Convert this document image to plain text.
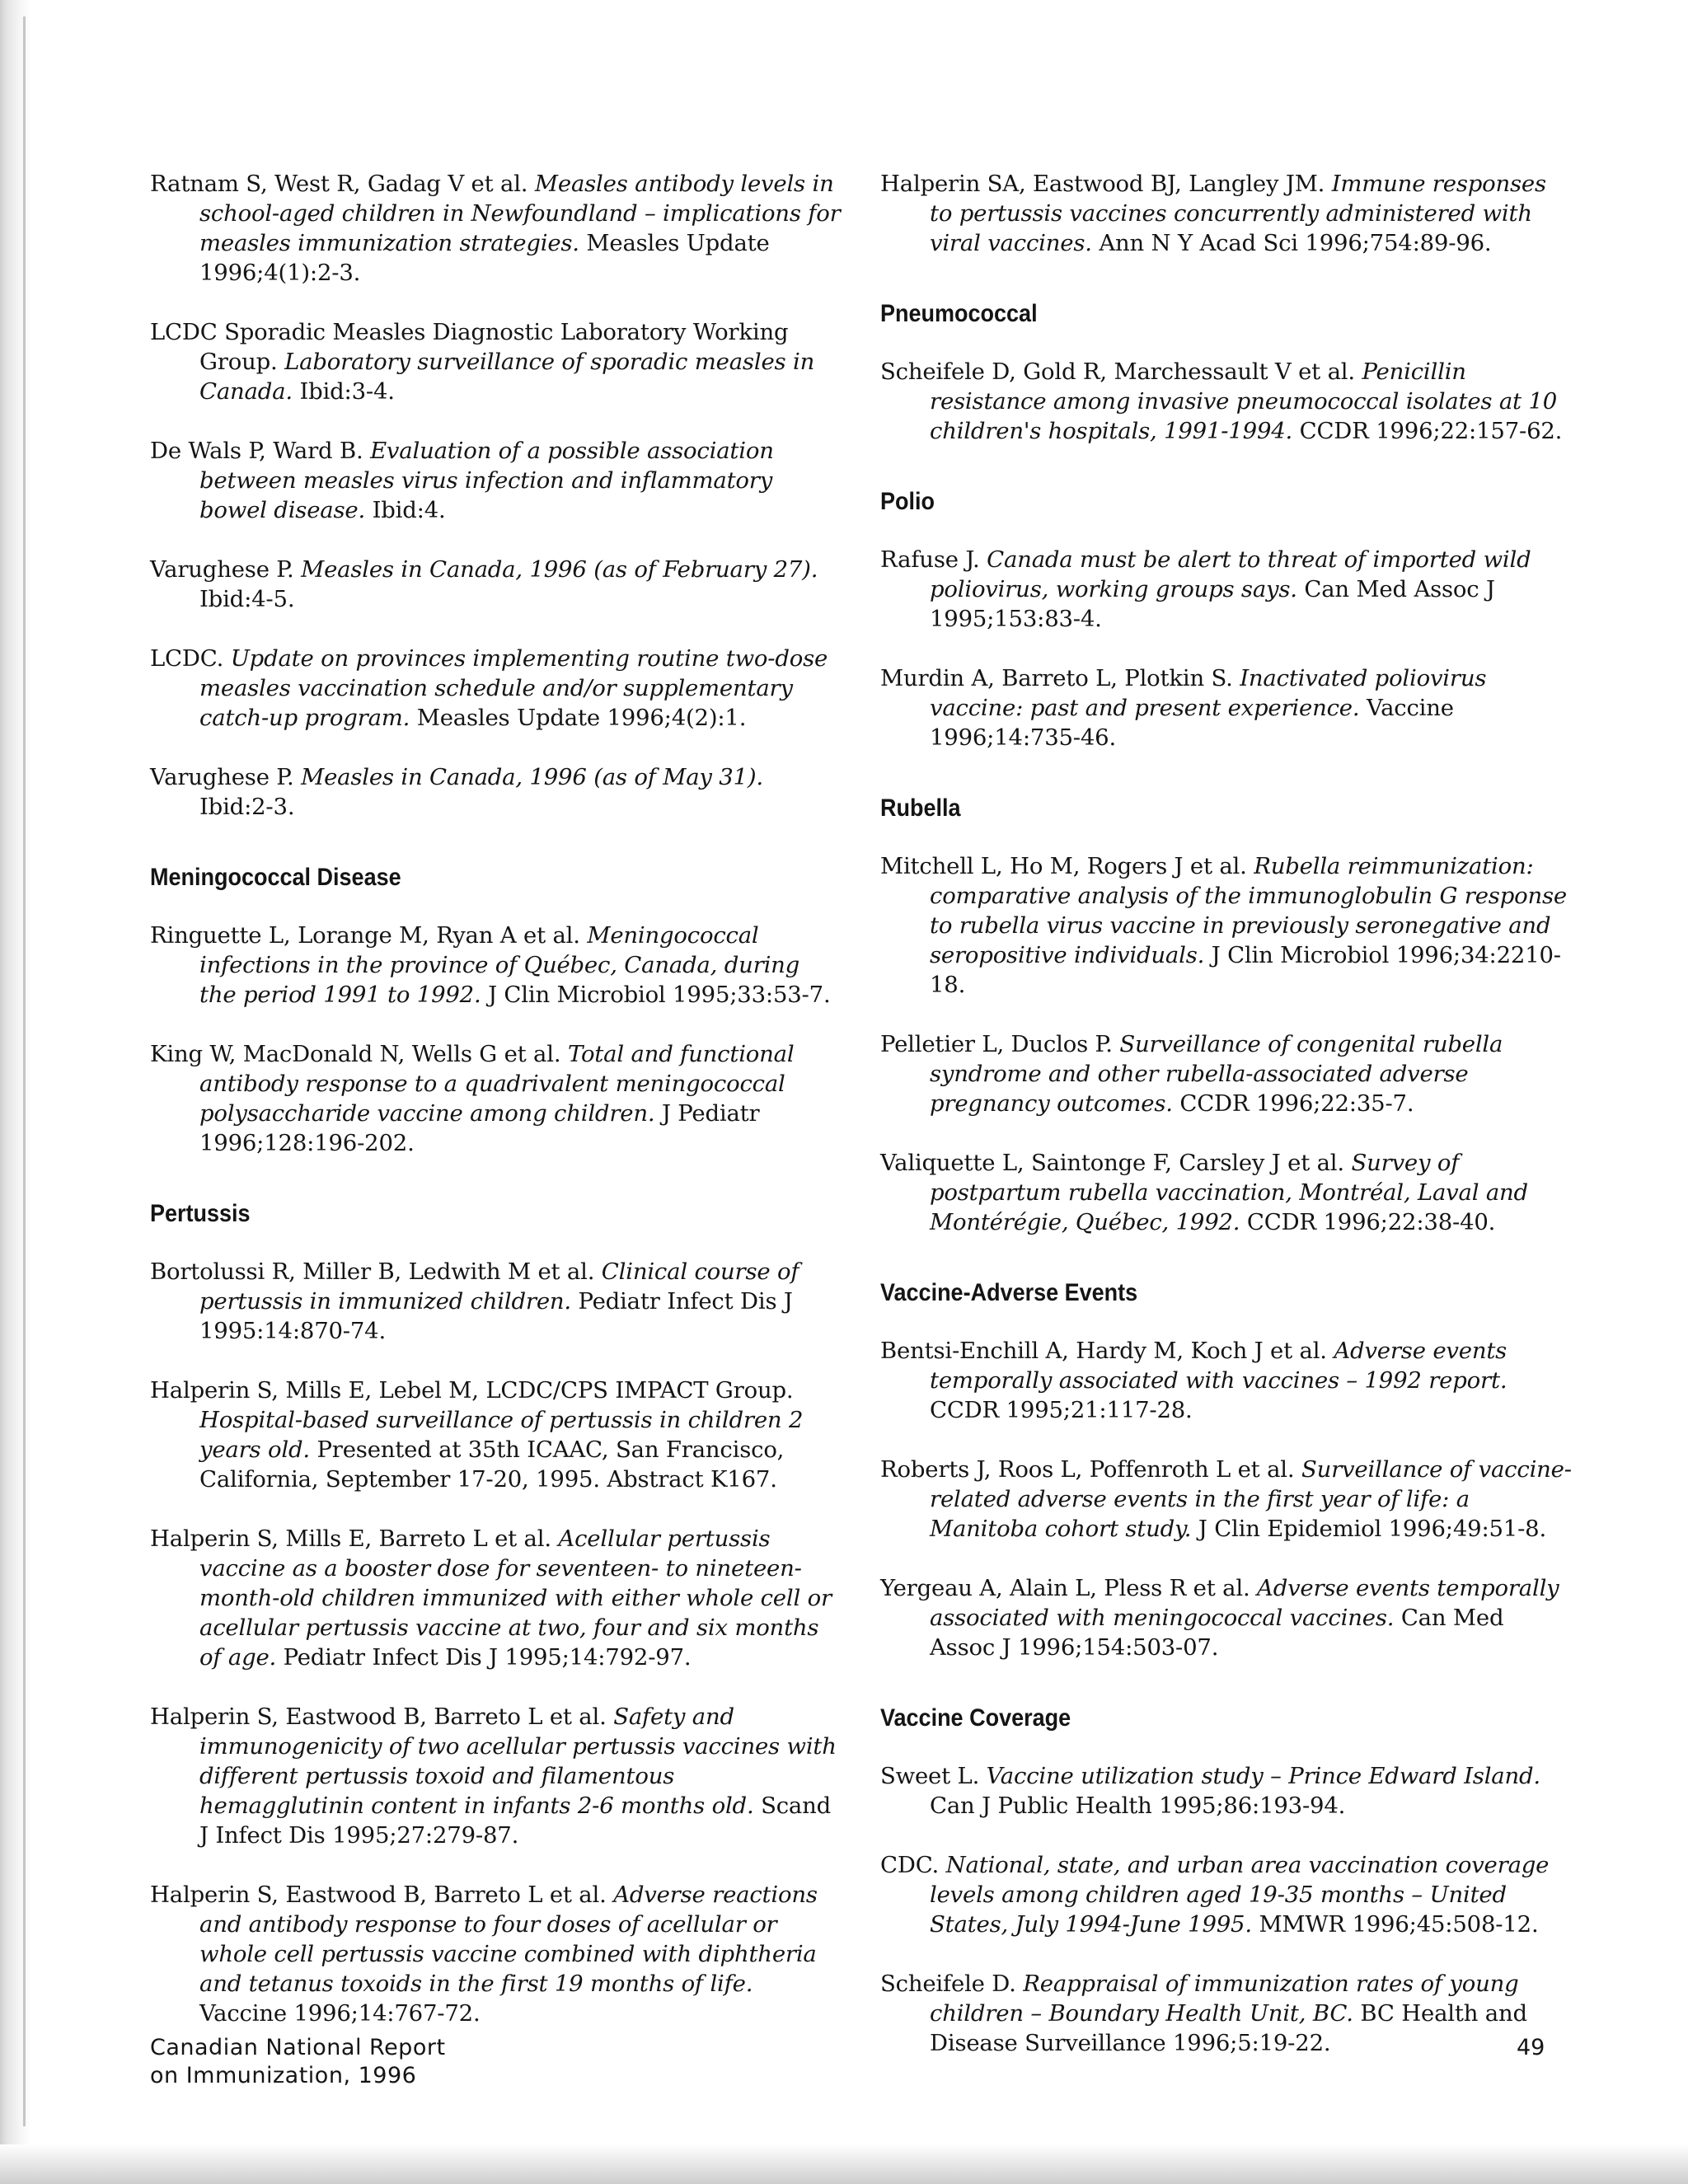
Ratnam S, West R, Gadag V et al. Measles antibody levels in school-aged children in Newfoundland – implications for measles immunization strategies. Measles Update 1996;4(1):2-3.

LCDC Sporadic Measles Diagnostic Laboratory Working Group. Laboratory surveillance of sporadic measles in Canada. Ibid:3-4.

De Wals P, Ward B. Evaluation of a possible association between measles virus infection and inflammatory bowel disease. Ibid:4.

Varughese P. Measles in Canada, 1996 (as of February 27). Ibid:4-5.

LCDC. Update on provinces implementing routine two-dose measles vaccination schedule and/or supplementary catch-up program. Measles Update 1996;4(2):1.

Varughese P. Measles in Canada, 1996 (as of May 31). Ibid:2-3.

Meningococcal Disease

Ringuette L, Lorange M, Ryan A et al. Meningococcal infections in the province of Québec, Canada, during the period 1991 to 1992. J Clin Microbiol 1995;33:53-7.

King W, MacDonald N, Wells G et al. Total and functional antibody response to a quadrivalent meningococcal polysaccharide vaccine among children. J Pediatr 1996;128:196-202.

Pertussis

Bortolussi R, Miller B, Ledwith M et al. Clinical course of pertussis in immunized children. Pediatr Infect Dis J 1995:14:870-74.

Halperin S, Mills E, Lebel M, LCDC/CPS IMPACT Group. Hospital-based surveillance of pertussis in children 2 years old. Presented at 35th ICAAC, San Francisco, California, September 17-20, 1995. Abstract K167.

Halperin S, Mills E, Barreto L et al. Acellular pertussis vaccine as a booster dose for seventeen- to nineteen-month-old children immunized with either whole cell or acellular pertussis vaccine at two, four and six months of age. Pediatr Infect Dis J 1995;14:792-97.

Halperin S, Eastwood B, Barreto L et al. Safety and immunogenicity of two acellular pertussis vaccines with different pertussis toxoid and filamentous hemagglutinin content in infants 2-6 months old. Scand J Infect Dis 1995;27:279-87.

Halperin S, Eastwood B, Barreto L et al. Adverse reactions and antibody response to four doses of acellular or whole cell pertussis vaccine combined with diphtheria and tetanus toxoids in the first 19 months of life. Vaccine 1996;14:767-72.

Halperin SA, Eastwood BJ, Langley JM. Immune responses to pertussis vaccines concurrently administered with viral vaccines. Ann N Y Acad Sci 1996;754:89-96.

Pneumococcal

Scheifele D, Gold R, Marchessault V et al. Penicillin resistance among invasive pneumococcal isolates at 10 children's hospitals, 1991-1994. CCDR 1996;22:157-62.

Polio

Rafuse J. Canada must be alert to threat of imported wild poliovirus, working groups says. Can Med Assoc J 1995;153:83-4.

Murdin A, Barreto L, Plotkin S. Inactivated poliovirus vaccine: past and present experience. Vaccine 1996;14:735-46.

Rubella

Mitchell L, Ho M, Rogers J et al. Rubella reimmunization: comparative analysis of the immunoglobulin G response to rubella virus vaccine in previously seronegative and seropositive individuals. J Clin Microbiol 1996;34:2210-18.

Pelletier L, Duclos P. Surveillance of congenital rubella syndrome and other rubella-associated adverse pregnancy outcomes. CCDR 1996;22:35-7.

Valiquette L, Saintonge F, Carsley J et al. Survey of postpartum rubella vaccination, Montréal, Laval and Montérégie, Québec, 1992. CCDR 1996;22:38-40.

Vaccine-Adverse Events

Bentsi-Enchill A, Hardy M, Koch J et al. Adverse events temporally associated with vaccines – 1992 report. CCDR 1995;21:117-28.

Roberts J, Roos L, Poffenroth L et al. Surveillance of vaccine-related adverse events in the first year of life: a Manitoba cohort study. J Clin Epidemiol 1996;49:51-8.

Yergeau A, Alain L, Pless R et al. Adverse events temporally associated with meningococcal vaccines. Can Med Assoc J 1996;154:503-07.

Vaccine Coverage

Sweet L. Vaccine utilization study – Prince Edward Island. Can J Public Health 1995;86:193-94.

CDC. National, state, and urban area vaccination coverage levels among children aged 19-35 months – United States, July 1994-June 1995. MMWR 1996;45:508-12.

Scheifele D. Reappraisal of immunization rates of young children – Boundary Health Unit, BC. BC Health and Disease Surveillance 1996;5:19-22.

Canadian National Report
on Immunization, 1996
49
